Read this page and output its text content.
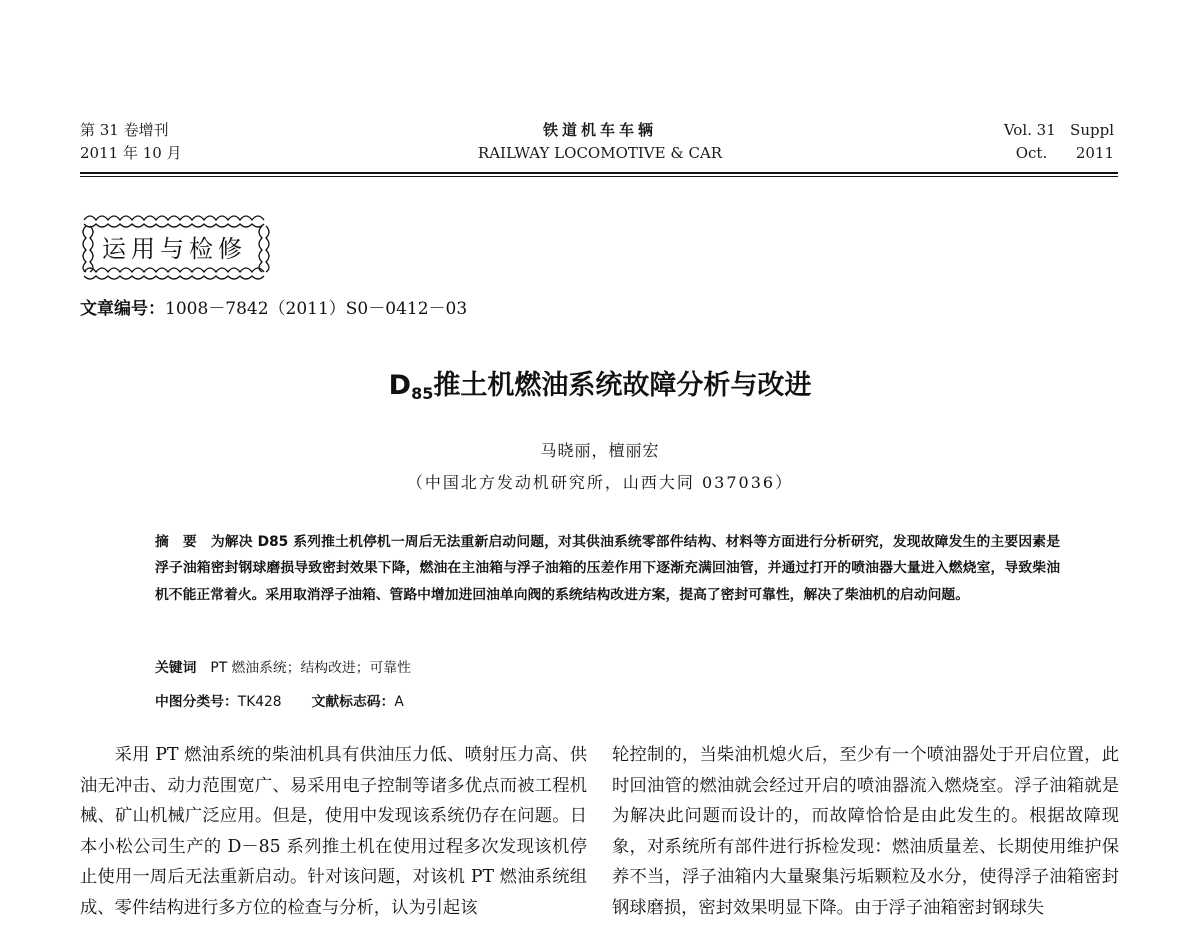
第 31 卷增刊
2011 年 10 月
铁道机车车辆
RAILWAY LOCOMOTIVE & CAR
Vol. 31   Suppl
Oct.      2011
运用与检修
文章编号：1008－7842（2011）S0－0412－03
$D_{85}$推土机燃油系统故障分析与改进
马晓丽，檀丽宏
（中国北方发动机研究所，山西大同 037036）
摘　要 为解决 D85 系列推土机停机一周后无法重新启动问题，对其供油系统零部件结构、材料等方面进行分析研究，发现故障发生的主要因素是浮子油箱密封钢球磨损导致密封效果下降，燃油在主油箱与浮子油箱的压差作用下逐渐充满回油管，并通过打开的喷油器大量进入燃烧室，导致柴油机不能正常着火。采用取消浮子油箱、管路中增加进回油单向阀的系统结构改进方案，提高了密封可靠性，解决了柴油机的启动问题。
关键词 PT 燃油系统；结构改进；可靠性
中图分类号：TK428 文献标志码：A

采用 PT 燃油系统的柴油机具有供油压力低、喷射压力高、供油无冲击、动力范围宽广、易采用电子控制等诸多优点而被工程机械、矿山机械广泛应用。但是，使用中发现该系统仍存在问题。日本小松公司生产的 D－85 系列推土机在使用过程多次发现该机停止使用一周后无法重新启动。针对该问题，对该机 PT 燃油系统组成、零件结构进行多方位的检查与分析，认为引起该

轮控制的，当柴油机熄火后，至少有一个喷油器处于开启位置，此时回油管的燃油就会经过开启的喷油器流入燃烧室。浮子油箱就是为解决此问题而设计的，而故障恰恰是由此发生的。根据故障现象，对系统所有部件进行拆检发现：燃油质量差、长期使用维护保养不当，浮子油箱内大量聚集污垢颗粒及水分，使得浮子油箱密封钢球磨损，密封效果明显下降。由于浮子油箱密封钢球失
